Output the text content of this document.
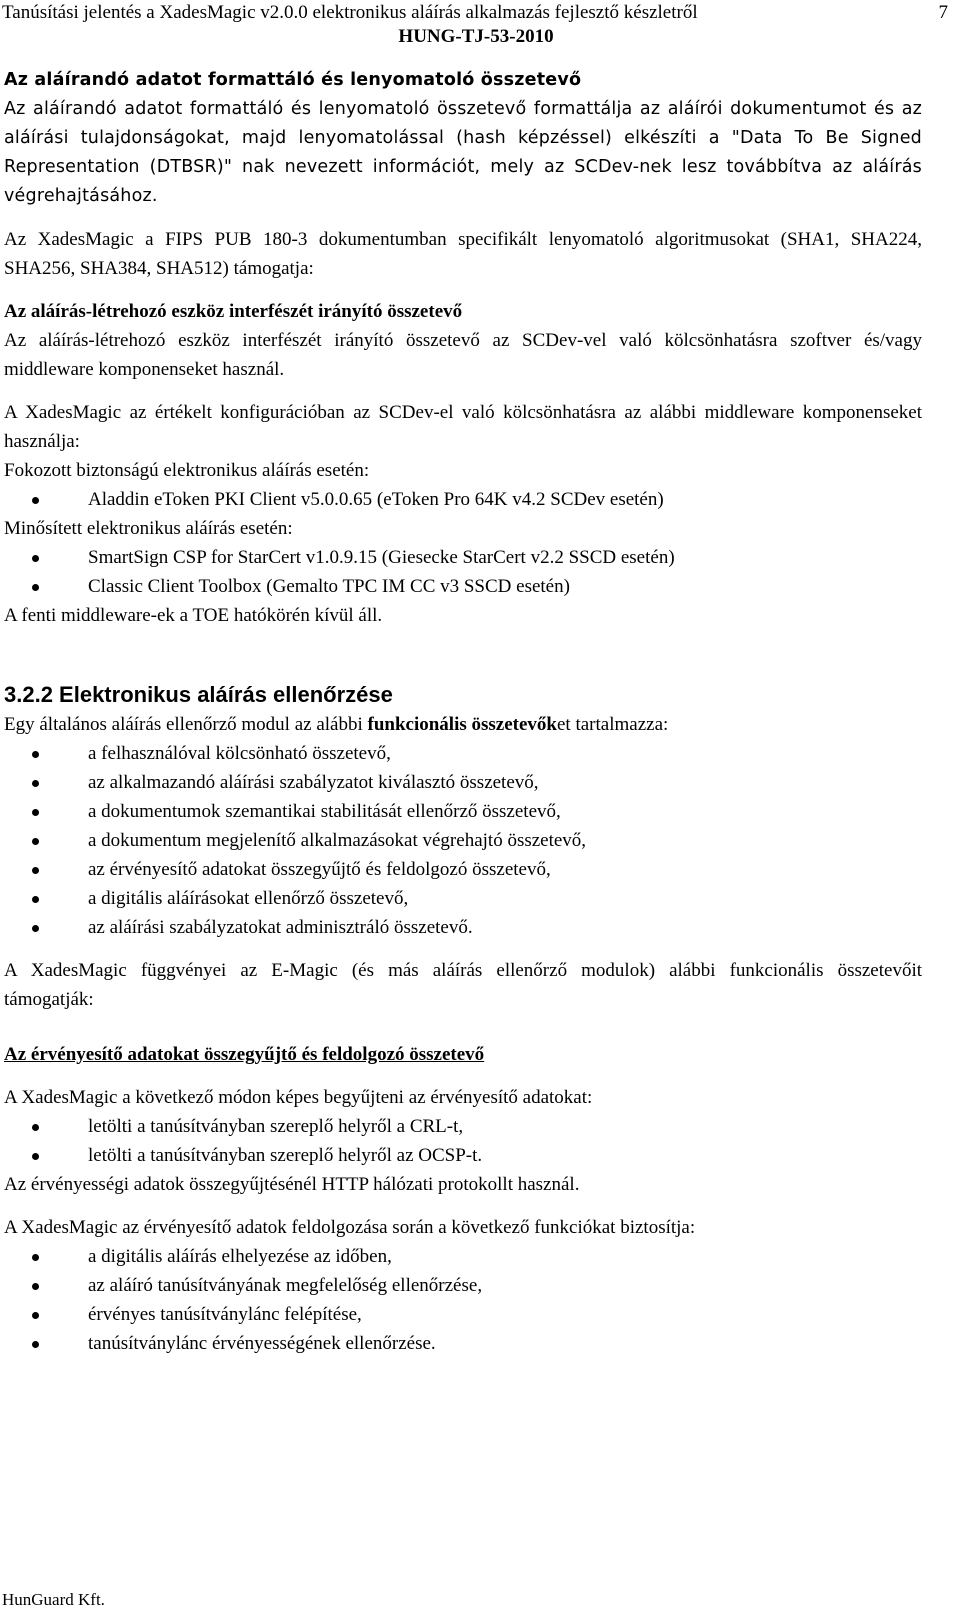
Tanúsítási jelentés a XadesMagic v2.0.0 elektronikus aláírás alkalmazás fejlesztő készletről	7
HUNG-TJ-53-2010

Az aláírandó adatot formattáló és lenyomatoló összetevő

Az aláírandó adatot formattáló és lenyomatoló összetevő formattálja az aláírói dokumentumot és az aláírási tulajdonságokat, majd lenyomatolással (hash képzéssel) elkészíti a "Data To Be Signed Representation (DTBSR)" nak nevezett információt, mely az SCDev-nek lesz továbbítva az aláírás végrehajtásához.

Az XadesMagic a FIPS PUB 180-3 dokumentumban specifikált lenyomatoló algoritmusokat (SHA1, SHA224, SHA256, SHA384, SHA512) támogatja:

Az aláírás-létrehozó eszköz interfészét irányító összetevő

Az aláírás-létrehozó eszköz interfészét irányító összetevő az SCDev-vel való kölcsönhatásra szoftver és/vagy middleware komponenseket használ.

A XadesMagic az értékelt konfigurációban az SCDev-el való kölcsönhatásra az alábbi middleware komponenseket használja:

Fokozott biztonságú elektronikus aláírás esetén:

Aladdin eToken PKI Client v5.0.0.65 (eToken Pro 64K v4.2 SCDev esetén)

Minősített elektronikus aláírás esetén:

SmartSign CSP for StarCert v1.0.9.15 (Giesecke StarCert v2.2 SSCD esetén)
Classic Client Toolbox (Gemalto TPC IM CC v3 SSCD esetén)

A fenti middleware-ek a TOE hatókörén kívül áll.

3.2.2 Elektronikus aláírás ellenőrzése

Egy általános aláírás ellenőrző modul az alábbi funkcionális összetevőket tartalmazza:

a felhasználóval kölcsönható összetevő,
az alkalmazandó aláírási szabályzatot kiválasztó összetevő,
a dokumentumok szemantikai stabilitását ellenőrző összetevő,
a dokumentum megjelenítő alkalmazásokat végrehajtó összetevő,
az érvényesítő adatokat összegyűjtő és feldolgozó összetevő,
a digitális aláírásokat ellenőrző összetevő,
az aláírási szabályzatokat adminisztráló összetevő.

A XadesMagic függvényei az E-Magic (és más aláírás ellenőrző modulok) alábbi funkcionális összetevőit támogatják:

Az érvényesítő adatokat összegyűjtő és feldolgozó összetevő

A XadesMagic a következő módon képes begyűjteni az érvényesítő adatokat:

letölti a tanúsítványban szereplő helyről a CRL-t,
letölti a tanúsítványban szereplő helyről az OCSP-t.

Az érvényességi adatok összegyűjtésénél HTTP hálózati protokollt használ.

A XadesMagic az érvényesítő adatok feldolgozása során a következő funkciókat biztosítja:

a digitális aláírás elhelyezése az időben,
az aláíró tanúsítványának megfelelőség ellenőrzése,
érvényes tanúsítványlánc felépítése,
tanúsítványlánc érvényességének ellenőrzése.
HunGuard Kft.
